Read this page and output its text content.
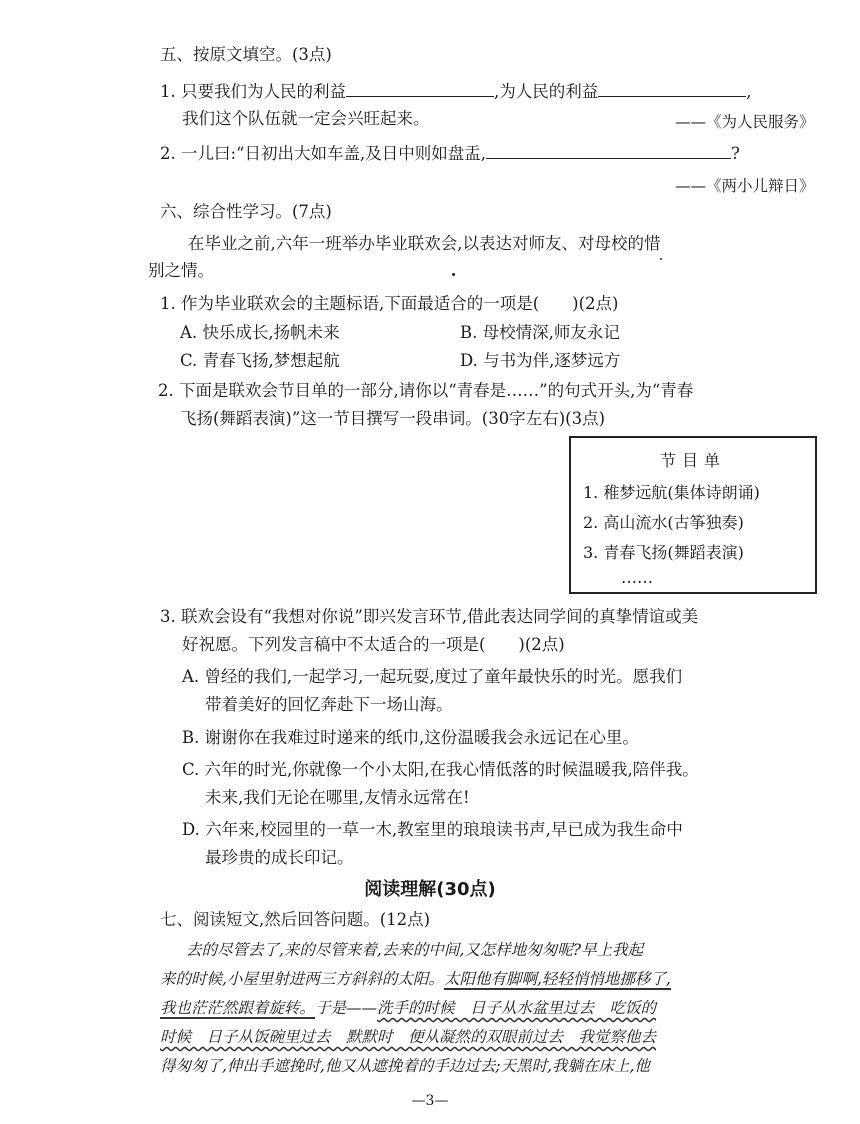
五、按原文填空。(3点)
1. 只要我们为人民的利益	,为人民的利益	,
我们这个队伍就一定会兴旺起来。	——《为人民服务》
2. 一儿曰:“日初出大如车盖,及日中则如盘盂,	?
——《两小儿辩日》
六、综合性学习。(7点)
在毕业之前,六年一班举办毕业联欢会,以表达对师友、对母校的惜
别之情。
1. 作为毕业联欢会的主题标语,下面最适合的一项是(　　)(2点)
A. 快乐成长,扬帆未来	B. 母校情深,师友永记
C. 青春飞扬,梦想起航	D. 与书为伴,逐梦远方
2. 下面是联欢会节目单的一部分,请你以“青春是……”的句式开头,为“青春
飞扬(舞蹈表演)”这一节目撰写一段串词。(30字左右)(3点)
节目单
1. 稚梦远航(集体诗朗诵)
2. 高山流水(古筝独奏)
3. 青春飞扬(舞蹈表演)
……
3. 联欢会设有“我想对你说”即兴发言环节,借此表达同学间的真挚情谊或美
好祝愿。下列发言稿中不太适合的一项是(　　)(2点)
A. 曾经的我们,一起学习,一起玩耍,度过了童年最快乐的时光。愿我们
带着美好的回忆奔赴下一场山海。
B. 谢谢你在我难过时递来的纸巾,这份温暖我会永远记在心里。
C. 六年的时光,你就像一个小太阳,在我心情低落的时候温暖我,陪伴我。
未来,我们无论在哪里,友情永远常在!
D. 六年来,校园里的一草一木,教室里的琅琅读书声,早已成为我生命中
最珍贵的成长印记。
阅读理解(30点)
七、阅读短文,然后回答问题。(12点)
去的尽管去了,来的尽管来着,去来的中间,又怎样地匆匆呢?早上我起
来的时候,小屋里射进两三方斜斜的太阳。太阳他有脚啊,轻轻悄悄地挪移了,
我也茫茫然跟着旋转。于是——洗手的时候　日子从水盆里过去　吃饭的
时候　日子从饭碗里过去　默默时　便从凝然的双眼前过去　我觉察他去
得匆匆了,伸出手遮挽时,他又从遮挽着的手边过去;天黑时,我躺在床上,他
—3—
